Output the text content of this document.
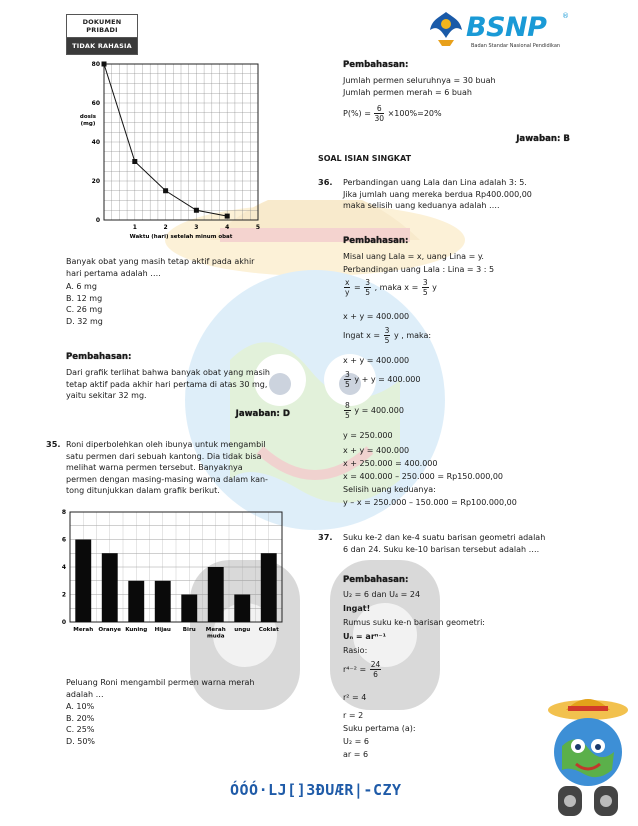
DOKUMEN PRIBADI
TIDAK RAHASIA
BSNP ®
Badan Standar Nasional Pendidikan
1	2	3	4	5
0
20
40
60
80
dosis
(mg)
Waktu (hari) setelah minum obat
Banyak obat yang masih tetap aktif pada akhir
hari pertama adalah ….
A. 6 mg
B. 12 mg
C. 26 mg
D. 32 mg
Pembahasan:
Dari grafik terlihat bahwa banyak obat yang masih
tetap aktif pada akhir hari pertama di atas 30 mg,
yaitu sekitar 32 mg.
Jawaban: D
35. Roni diperbolehkan oleh ibunya untuk mengambil
satu permen dari sebuah kantong. Dia tidak bisa
melihat warna permen tersebut. Banyaknya
permen dengan masing-masing warna dalam kan-
tong ditunjukkan dalam grafik berikut.
0
2
4
6
8
Merah Oranye Kuning Hijau Biru Merah
muda
ungu Coklat
Peluang Roni mengambil permen warna merah
adalah …
A. 10%
B. 20%
C. 25%
D. 50%
Pembahasan:
Jumlah permen seluruhnya = 30 buah
Jumlah permen merah = 6 buah
$P(\%) = \frac{6}{30} \times 100\%=20\%$
Jawaban: B
SOAL ISIAN SINGKAT
36. Perbandingan uang Lala dan Lina adalah 3: 5.
Jika jumlah uang mereka berdua Rp400.000,00
maka selisih uang keduanya adalah ….
Pembahasan:
Misal uang Lala = x, uang Lina = y.
Perbandingan uang Lala : Lina = 3 : 5
$\frac{x}{y} = \frac{3}{5}$ , maka $x = \frac{3}{5}$ y
x + y = 400.000
Ingat $x = \frac{3}{5}$ y , maka:
x + y = 400.000
$\frac{3}{5}$ y + y = 400.000
$\frac{8}{5}$ y = 400.000
y = 250.000
x + y = 400.000
x + 250.000 = 400.000
x = 400.000 – 250.000 = Rp150.000,00
Selisih uang keduanya:
y – x = 250.000 – 150.000 = Rp100.000,00
37. Suku ke-2 dan ke-4 suatu barisan geometri adalah
6 dan 24. Suku ke-10 barisan tersebut adalah ….
Pembahasan:
U₂ = 6 dan U₄ = 24
Ingat!
Rumus suku ke-n barisan geometri:
Uₙ = arⁿ⁻¹
Rasio:
$r^{4-2} = \frac{24}{6}$
r² = 4
r = 2
Suku pertama (a):
U₂ = 6
ar = 6
ÓÓÓ·LJ[]3ÐUÆR|-CZY
